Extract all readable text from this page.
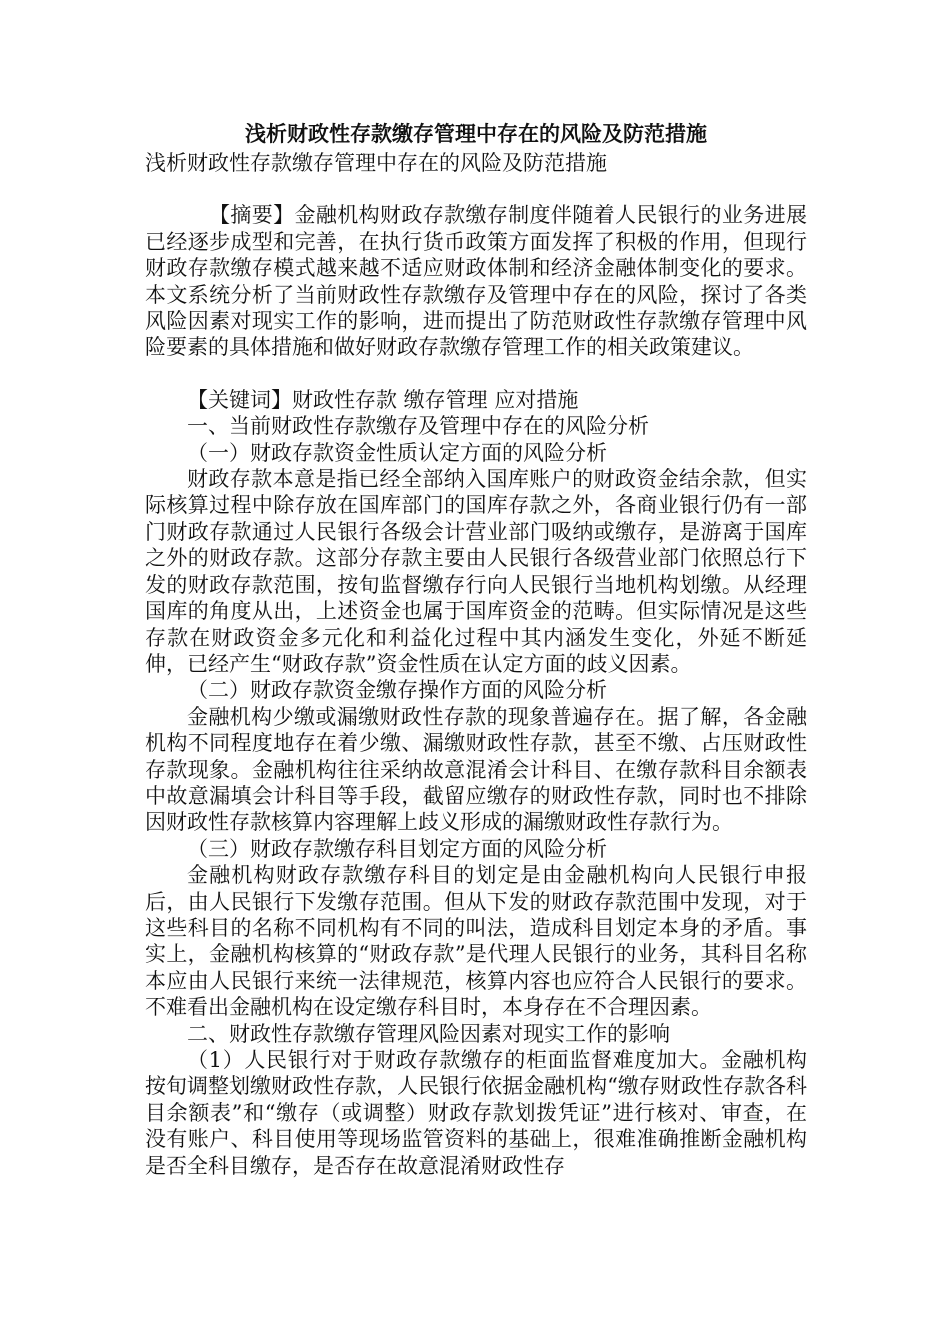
浅析财政性存款缴存管理中存在的风险及防范措施

浅析财政性存款缴存管理中存在的风险及防范措施

【摘要】金融机构财政存款缴存制度伴随着人民银行的业务进展已经逐步成型和完善，在执行货币政策方面发挥了积极的作用，但现行财政存款缴存模式越来越不适应财政体制和经济金融体制变化的要求。本文系统分析了当前财政性存款缴存及管理中存在的风险，探讨了各类风险因素对现实工作的影响，进而提出了防范财政性存款缴存管理中风险要素的具体措施和做好财政存款缴存管理工作的相关政策建议。

【关键词】财政性存款 缴存管理 应对措施

一、当前财政性存款缴存及管理中存在的风险分析

（一）财政存款资金性质认定方面的风险分析

财政存款本意是指已经全部纳入国库账户的财政资金结余款，但实际核算过程中除存放在国库部门的国库存款之外，各商业银行仍有一部门财政存款通过人民银行各级会计营业部门吸纳或缴存，是游离于国库之外的财政存款。这部分存款主要由人民银行各级营业部门依照总行下发的财政存款范围，按旬监督缴存行向人民银行当地机构划缴。从经理国库的角度从出，上述资金也属于国库资金的范畴。但实际情况是这些存款在财政资金多元化和利益化过程中其内涵发生变化，外延不断延伸，已经产生“财政存款”资金性质在认定方面的歧义因素。

（二）财政存款资金缴存操作方面的风险分析

金融机构少缴或漏缴财政性存款的现象普遍存在。据了解，各金融机构不同程度地存在着少缴、漏缴财政性存款，甚至不缴、占压财政性存款现象。金融机构往往采纳故意混淆会计科目、在缴存款科目余额表中故意漏填会计科目等手段，截留应缴存的财政性存款，同时也不排除因财政性存款核算内容理解上歧义形成的漏缴财政性存款行为。

（三）财政存款缴存科目划定方面的风险分析

金融机构财政存款缴存科目的划定是由金融机构向人民银行申报后，由人民银行下发缴存范围。但从下发的财政存款范围中发现，对于这些科目的名称不同机构有不同的叫法，造成科目划定本身的矛盾。事实上，金融机构核算的“财政存款”是代理人民银行的业务，其科目名称本应由人民银行来统一法律规范，核算内容也应符合人民银行的要求。不难看出金融机构在设定缴存科目时，本身存在不合理因素。

二、财政性存款缴存管理风险因素对现实工作的影响

（1）人民银行对于财政存款缴存的柜面监督难度加大。金融机构按旬调整划缴财政性存款，人民银行依据金融机构“缴存财政性存款各科目余额表”和“缴存（或调整）财政存款划拨凭证”进行核对、审查，在没有账户、科目使用等现场监管资料的基础上，很难准确推断金融机构是否全科目缴存，是否存在故意混淆财政性存
